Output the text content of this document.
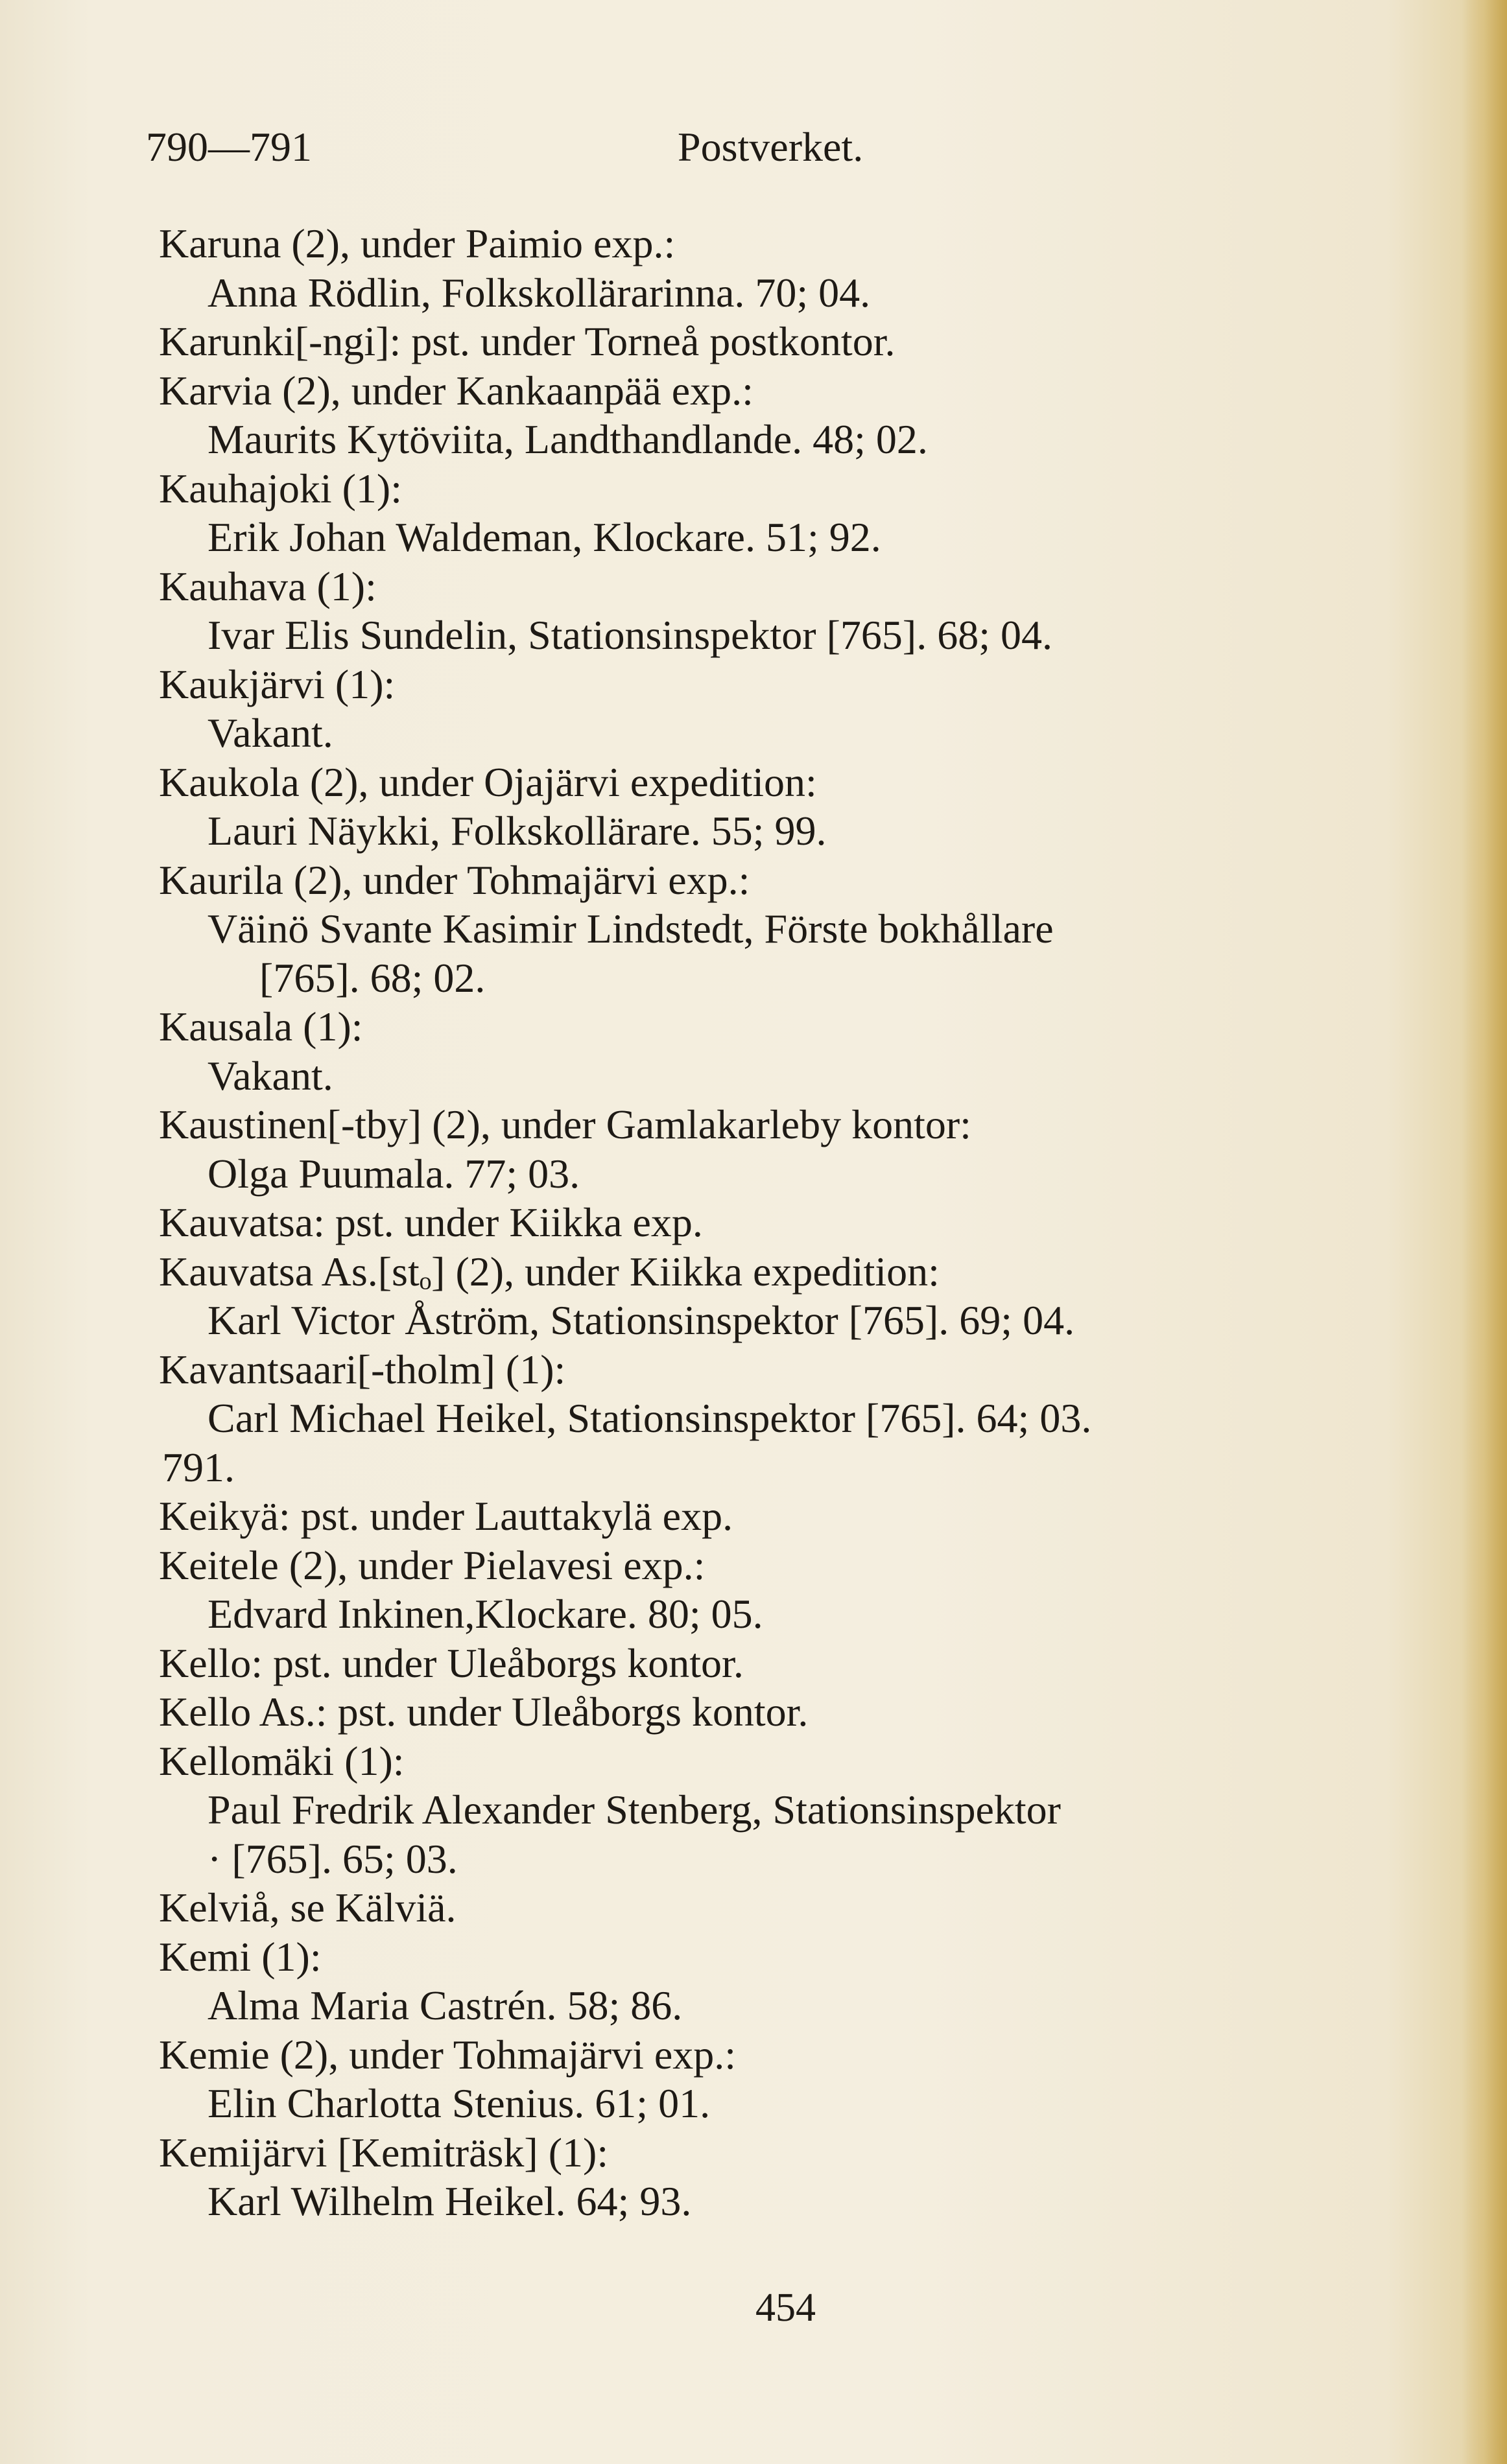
790—791	Postverket.
Karuna (2), under Paimio exp.:
Anna Rödlin, Folkskollärarinna. 70; 04.
Karunki[-ngi]: pst. under Torneå postkontor.
Karvia (2), under Kankaanpää exp.:
Maurits Kytöviita, Landthandlande. 48; 02.
Kauhajoki (1):
Erik Johan Waldeman, Klockare. 51; 92.
Kauhava (1):
Ivar Elis Sundelin, Stationsinspektor [765]. 68; 04.
Kaukjärvi (1):
Vakant.
Kaukola (2), under Ojajärvi expedition:
Lauri Näykki, Folkskollärare. 55; 99.
Kaurila (2), under Tohmajärvi exp.:
Väinö Svante Kasimir Lindstedt, Förste bokhållare
[765]. 68; 02.
Kausala (1):
Vakant.
Kaustinen[-tby] (2), under Gamlakarleby kontor:
Olga Puumala. 77; 03.
Kauvatsa: pst. under Kiikka exp.
Kauvatsa As.[stₒ] (2), under Kiikka expedition:
Karl Victor Åström, Stationsinspektor [765]. 69; 04.
Kavantsaari[-tholm] (1):
Carl Michael Heikel, Stationsinspektor [765]. 64; 03.
791.
Keikyä: pst. under Lauttakylä exp.
Keitele (2), under Pielavesi exp.:
Edvard Inkinen,Klockare. 80; 05.
Kello: pst. under Uleåborgs kontor.
Kello As.: pst. under Uleåborgs kontor.
Kellomäki (1):
Paul Fredrik Alexander Stenberg, Stationsinspektor
· [765]. 65; 03.
Kelviå, se Kälviä.
Kemi (1):
Alma Maria Castrén. 58; 86.
Kemie (2), under Tohmajärvi exp.:
Elin Charlotta Stenius. 61; 01.
Kemijärvi [Kemiträsk] (1):
Karl Wilhelm Heikel. 64; 93.
454
